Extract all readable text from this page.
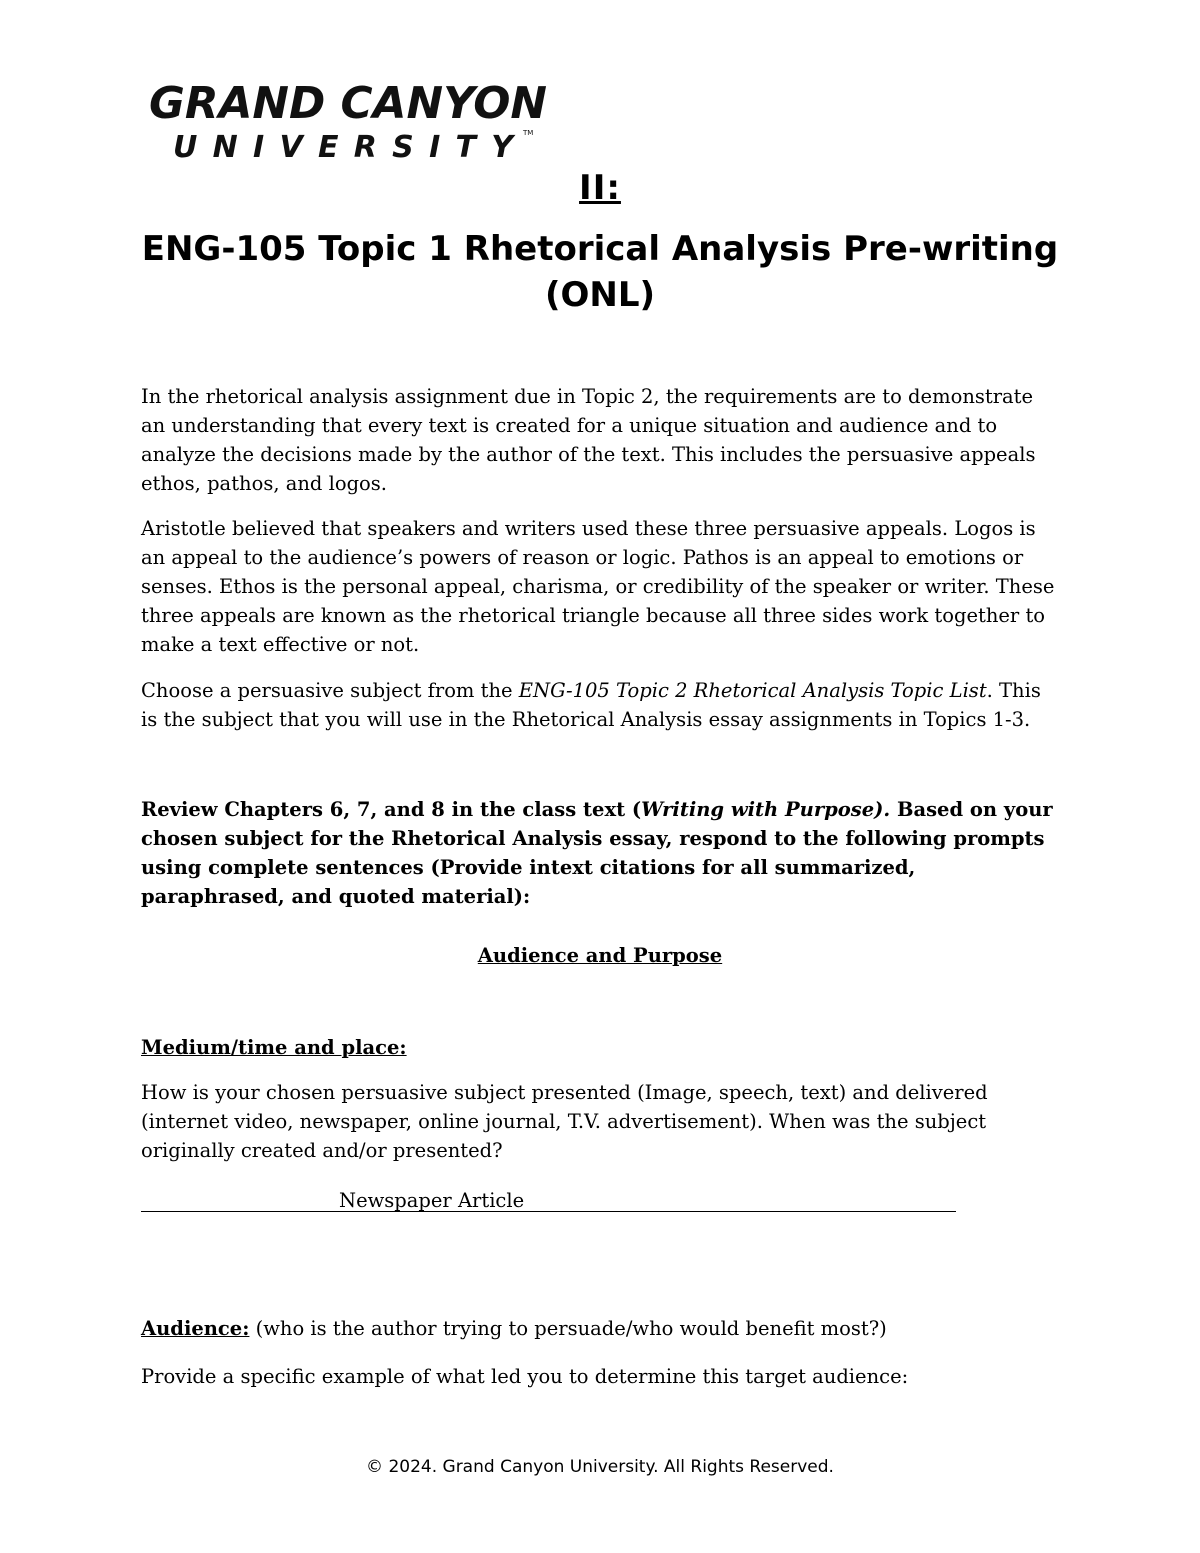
GRAND CANYON
UNIVERSITY	TM
II:
ENG-105 Topic 1 Rhetorical Analysis Pre-writing (ONL)

In the rhetorical analysis assignment due in Topic 2, the requirements are to demonstrate an understanding that every text is created for a unique situation and audience and to analyze the decisions made by the author of the text. This includes the persuasive appeals ethos, pathos, and logos.

Aristotle believed that speakers and writers used these three persuasive appeals. Logos is an appeal to the audience’s powers of reason or logic. Pathos is an appeal to emotions or senses. Ethos is the personal appeal, charisma, or credibility of the speaker or writer. These three appeals are known as the rhetorical triangle because all three sides work together to make a text effective or not.

Choose a persuasive subject from the ENG-105 Topic 2 Rhetorical Analysis Topic List. This is the subject that you will use in the Rhetorical Analysis essay assignments in Topics 1-3.

Review Chapters 6, 7, and 8 in the class text (Writing with Purpose). Based on your chosen subject for the Rhetorical Analysis essay, respond to the following prompts using complete sentences (Provide intext citations for all summarized, paraphrased, and quoted material):

Audience and Purpose
Medium/time and place:

How is your chosen persuasive subject presented (Image, speech, text) and delivered (internet video, newspaper, online journal, T.V. advertisement). When was the subject originally created and/or presented?

Newspaper Article
Audience: (who is the author trying to persuade/who would benefit most?)

Provide a specific example of what led you to determine this target audience:

© 2024. Grand Canyon University. All Rights Reserved.
